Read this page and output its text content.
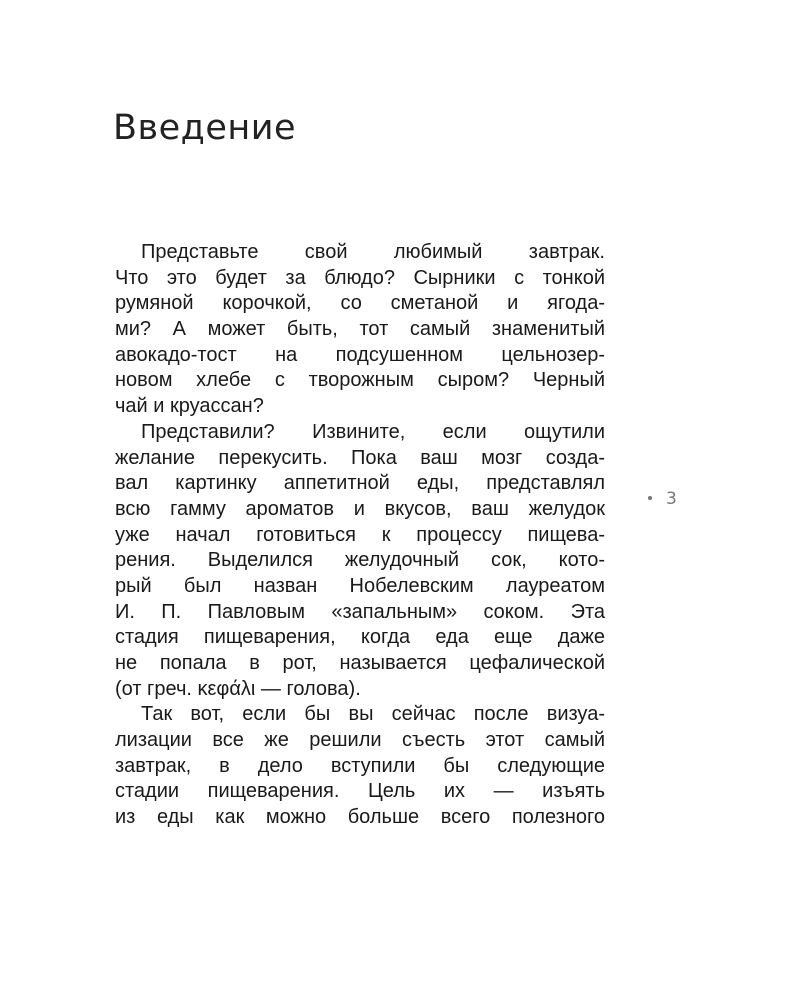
Введение
Представьте свой любимый завтрак.
Что это будет за блюдо? Сырники с тонкой
румяной корочкой, со сметаной и ягода-
ми? А может быть, тот самый знаменитый
авокадо-тост на подсушенном цельнозер-
новом хлебе с творожным сыром? Черный
чай и круассан?
Представили? Извините, если ощутили
желание перекусить. Пока ваш мозг созда-
вал картинку аппетитной еды, представлял
всю гамму ароматов и вкусов, ваш желудок
уже начал готовиться к процессу пищева-
рения. Выделился желудочный сок, кото-
рый был назван Нобелевским лауреатом
И. П. Павловым «запальным» соком. Эта
стадия пищеварения, когда еда еще даже
не попала в рот, называется цефалической
(от греч. κεφάλι — голова).
Так вот, если бы вы сейчас после визуа-
лизации все же решили съесть этот самый
завтрак, в дело вступили бы следующие
стадии пищеварения. Цель их — изъять
из еды как можно больше всего полезного
3
